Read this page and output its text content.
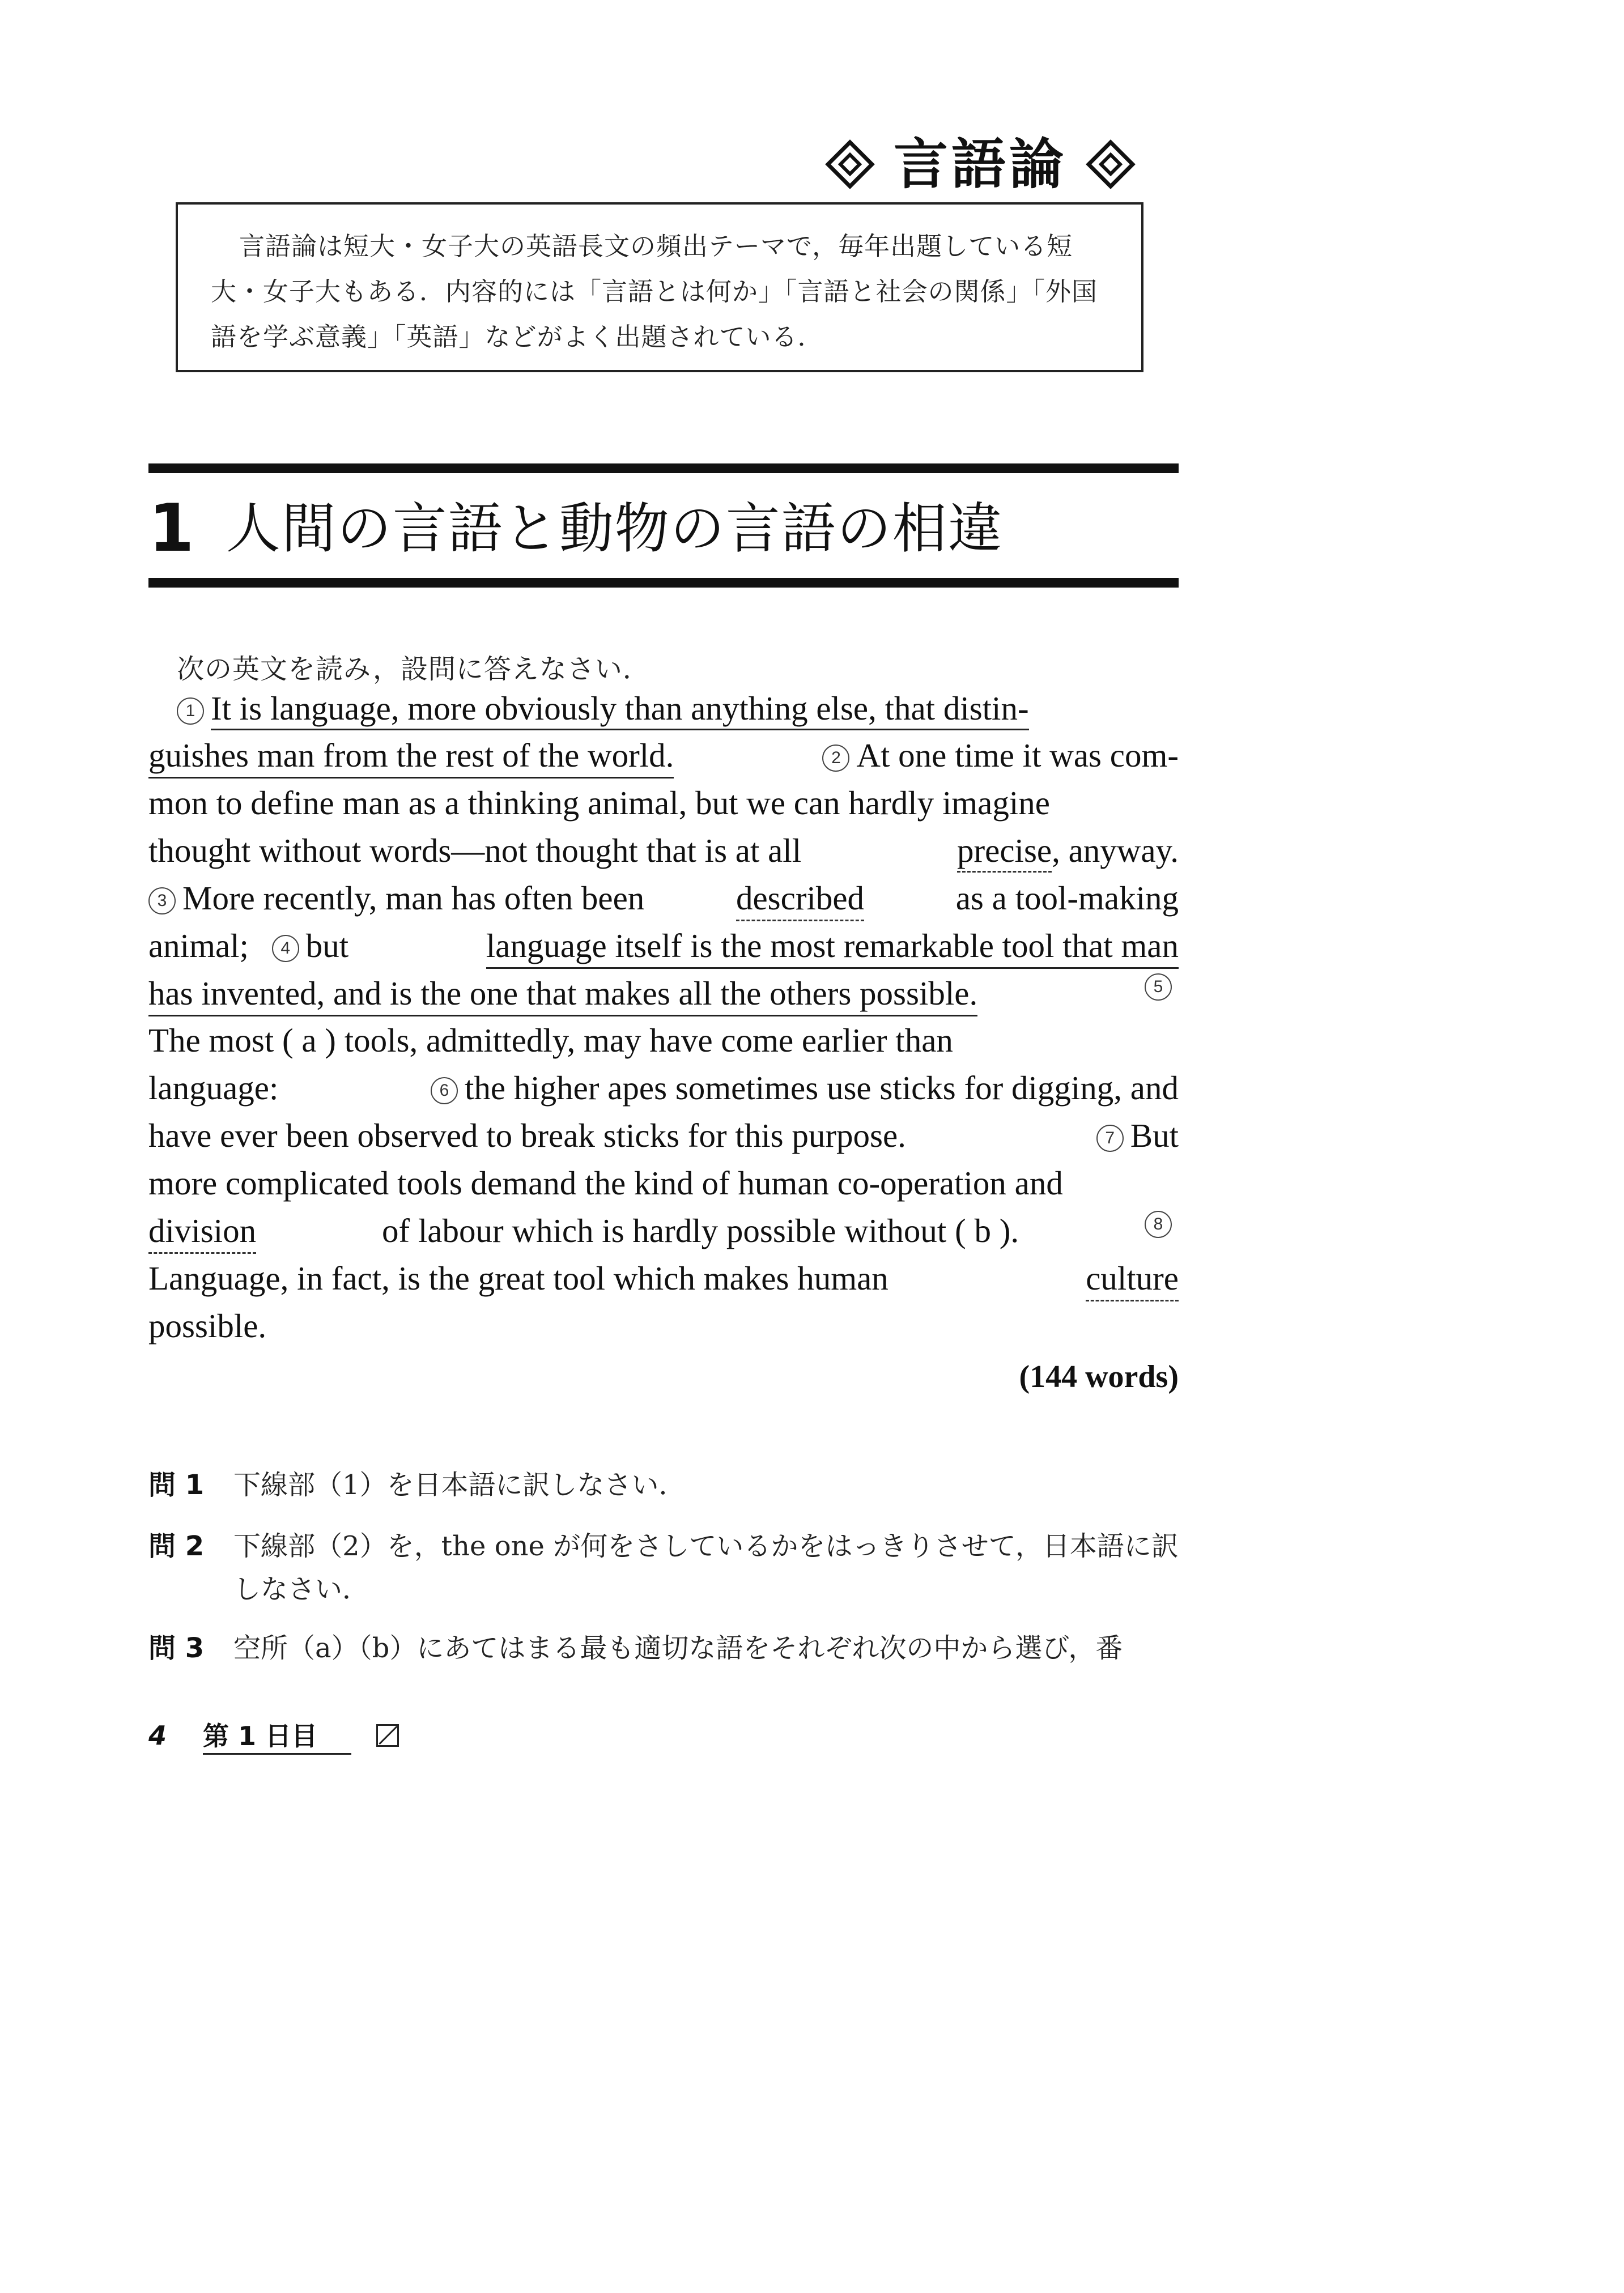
言語論

言語論は短大・女子大の英語長文の頻出テーマで，毎年出題している短大・女子大もある．内容的には「言語とは何か」「言語と社会の関係」「外国語を学ぶ意義」「英語」などがよく出題されている．

1 人間の言語と動物の言語の相違
次の英文を読み，設問に答えなさい．
1 It is language, more obviously than anything else, that distin-
guishes man from the rest of the world.	2 At one time it was com-
mon to define man as a thinking animal, but we can hardly imagine
thought without words—not thought that is at all	precise, anyway.
3 More recently, man has often been	described	as a tool-making
animal; 4 but	language itself is the most remarkable tool that man
has invented, and is the one that makes all the others possible.	5
The most ( a ) tools, admittedly, may have come earlier than
language:	6 the higher apes sometimes use sticks for digging, and
have ever been observed to break sticks for this purpose.	7 But
more complicated tools demand the kind of human co-operation and
division	of labour which is hardly possible without ( b ).	8
Language, in fact, is the great tool which makes human	culture
possible.
(144 words)
問 1	下線部（1）を日本語に訳しなさい．
問 2	下線部（2）を，the one が何をさしているかをはっきりさせて，日本語に訳しなさい．
問 3	空所（a）（b）にあてはまる最も適切な語をそれぞれ次の中から選び，番
4 第 1 日目
